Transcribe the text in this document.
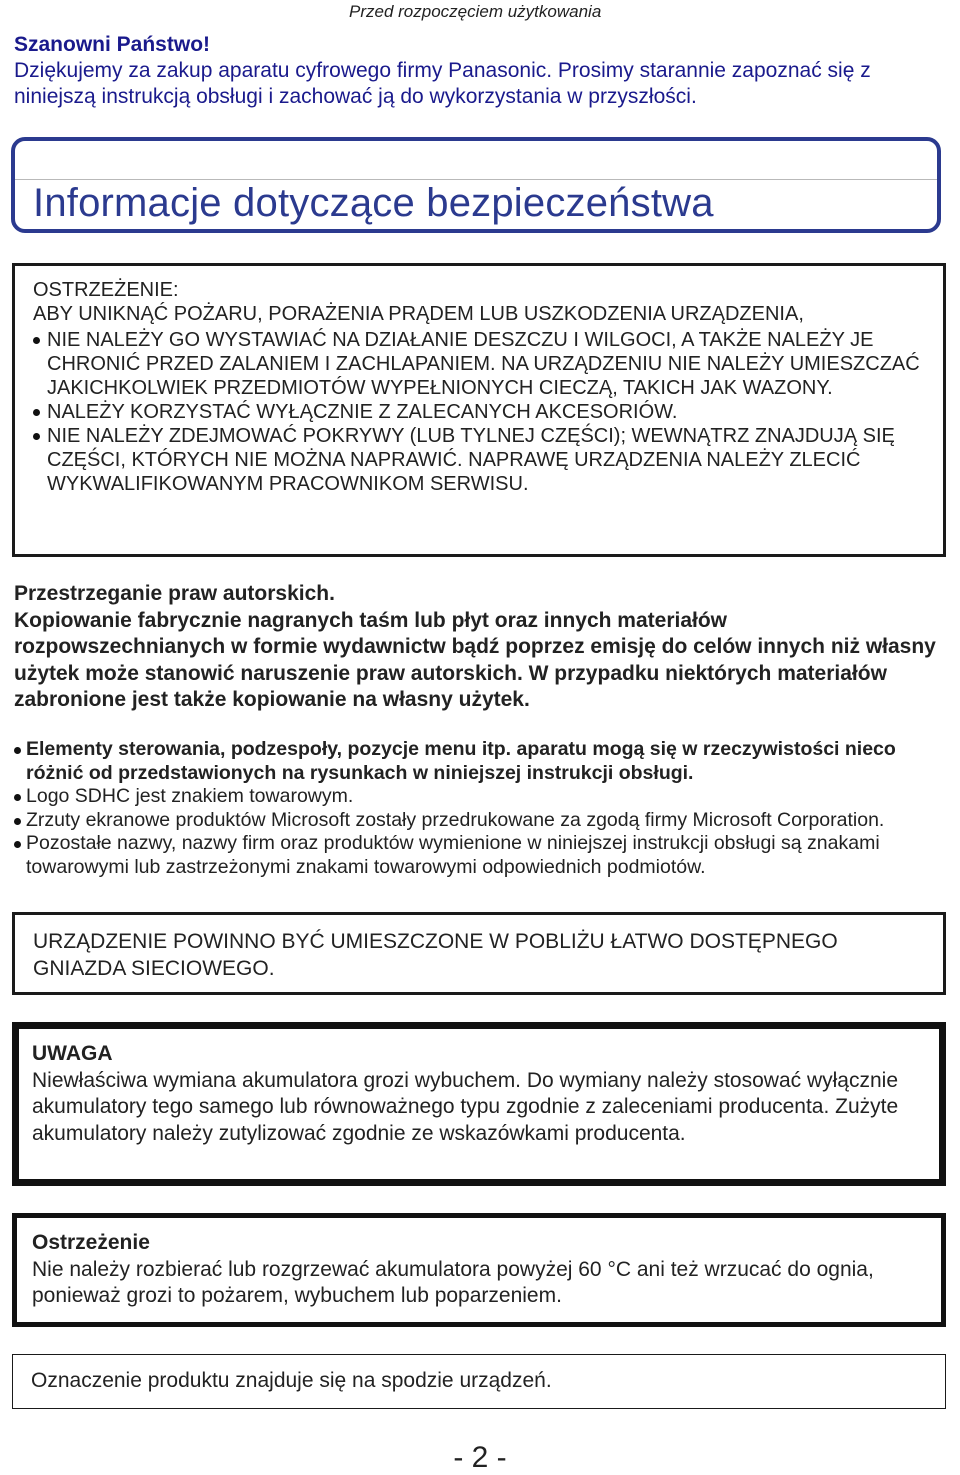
Przed rozpoczęciem użytkowania
Szanowni Państwo!
Dziękujemy za zakup aparatu cyfrowego firmy Panasonic. Prosimy starannie zapoznać się z niniejszą instrukcją obsługi i zachować ją do wykorzystania w przyszłości.
Informacje dotyczące bezpieczeństwa
OSTRZEŻENIE:
ABY UNIKNĄĆ POŻARU, PORAŻENIA PRĄDEM LUB USZKODZENIA URZĄDZENIA,
NIE NALEŻY GO WYSTAWIAĆ NA DZIAŁANIE DESZCZU I WILGOCI, A TAKŻE NALEŻY JE CHRONIĆ PRZED ZALANIEM I ZACHLAPANIEM. NA URZĄDZENIU NIE NALEŻY UMIESZCZAĆ JAKICHKOLWIEK PRZEDMIOTÓW WYPEŁNIONYCH CIECZĄ, TAKICH JAK WAZONY.
NALEŻY KORZYSTAĆ WYŁĄCZNIE Z ZALECANYCH AKCESORIÓW.
NIE NALEŻY ZDEJMOWAĆ POKRYWY (LUB TYLNEJ CZĘŚCI); WEWNĄTRZ ZNAJDUJĄ SIĘ CZĘŚCI, KTÓRYCH NIE MOŻNA NAPRAWIĆ. NAPRAWĘ URZĄDZENIA NALEŻY ZLECIĆ WYKWALIFIKOWANYM PRACOWNIKOM SERWISU.
Przestrzeganie praw autorskich.
Kopiowanie fabrycznie nagranych taśm lub płyt oraz innych materiałów rozpowszechnianych w formie wydawnictw bądź poprzez emisję do celów innych niż własny użytek może stanowić naruszenie praw autorskich. W przypadku niektórych materiałów zabronione jest także kopiowanie na własny użytek.
Elementy sterowania, podzespoły, pozycje menu itp. aparatu mogą się w rzeczywistości nieco różnić od przedstawionych na rysunkach w niniejszej instrukcji obsługi.
Logo SDHC jest znakiem towarowym.
Zrzuty ekranowe produktów Microsoft zostały przedrukowane za zgodą firmy Microsoft Corporation.
Pozostałe nazwy, nazwy firm oraz produktów wymienione w niniejszej instrukcji obsługi są znakami towarowymi lub zastrzeżonymi znakami towarowymi odpowiednich podmiotów.
URZĄDZENIE POWINNO BYĆ UMIESZCZONE W POBLIŻU ŁATWO DOSTĘPNEGO GNIAZDA SIECIOWEGO.
UWAGA
Niewłaściwa wymiana akumulatora grozi wybuchem. Do wymiany należy stosować wyłącznie akumulatory tego samego lub równoważnego typu zgodnie z zaleceniami producenta. Zużyte akumulatory należy zutylizować zgodnie ze wskazówkami producenta.
Ostrzeżenie
Nie należy rozbierać lub rozgrzewać akumulatora powyżej 60 °C ani też wrzucać do ognia, ponieważ grozi to pożarem, wybuchem lub poparzeniem.
Oznaczenie produktu znajduje się na spodzie urządzeń.
- 2 -
